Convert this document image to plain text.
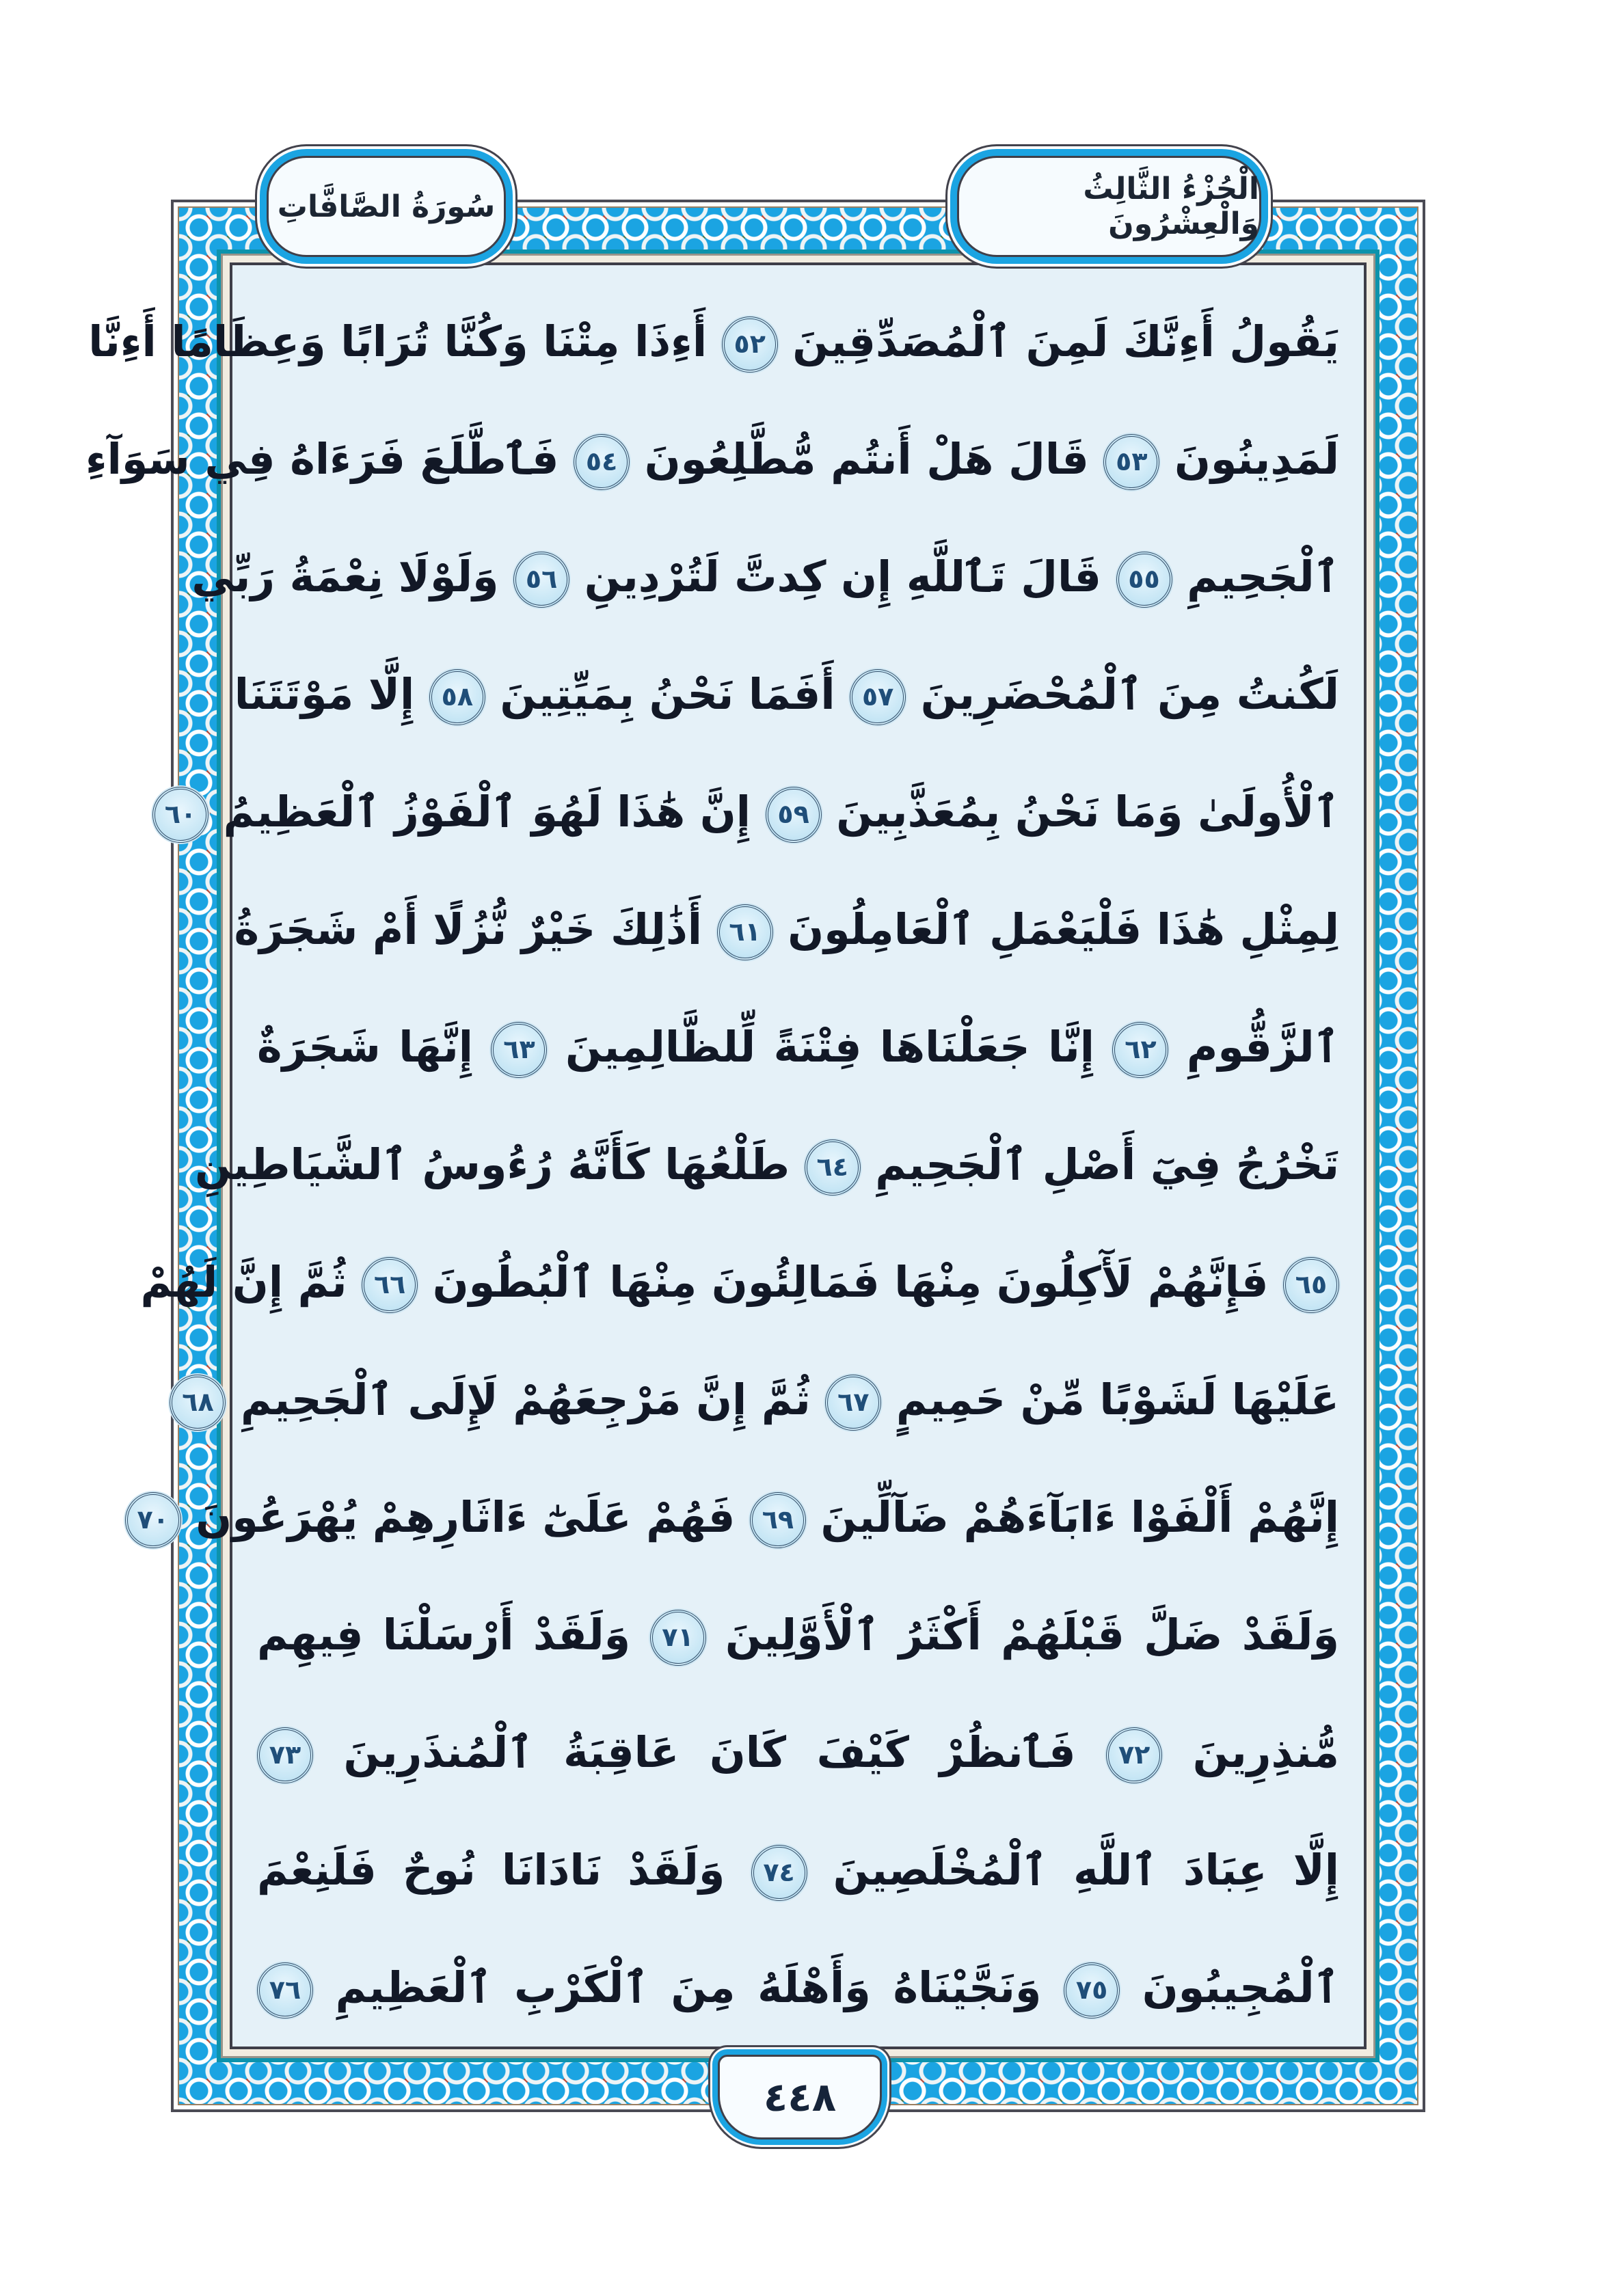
سُورَةُ الصَّافَّاتِ	الْجُزْءُ الثَّالِثُ وَالْعِشْرُونَ
يَقُولُ أَءِنَّكَ لَمِنَ ٱلْمُصَدِّقِينَ ٥٢ أَءِذَا مِتْنَا وَكُنَّا تُرَابًا وَعِظَامًا أَءِنَّا
لَمَدِينُونَ ٥٣ قَالَ هَلْ أَنتُم مُّطَّلِعُونَ ٥٤ فَٱطَّلَعَ فَرَءَاهُ فِي سَوَآءِ
ٱلْجَحِيمِ ٥٥ قَالَ تَٱللَّهِ إِن كِدتَّ لَتُرْدِينِ ٥٦ وَلَوْلَا نِعْمَةُ رَبِّي
لَكُنتُ مِنَ ٱلْمُحْضَرِينَ ٥٧ أَفَمَا نَحْنُ بِمَيِّتِينَ ٥٨ إِلَّا مَوْتَتَنَا
ٱلْأُولَىٰ وَمَا نَحْنُ بِمُعَذَّبِينَ ٥٩ إِنَّ هَٰذَا لَهُوَ ٱلْفَوْزُ ٱلْعَظِيمُ ٦٠
لِمِثْلِ هَٰذَا فَلْيَعْمَلِ ٱلْعَامِلُونَ ٦١ أَذَٰلِكَ خَيْرٌ نُّزُلًا أَمْ شَجَرَةُ
ٱلزَّقُّومِ ٦٢ إِنَّا جَعَلْنَاهَا فِتْنَةً لِّلظَّالِمِينَ ٦٣ إِنَّهَا شَجَرَةٌ
تَخْرُجُ فِيٓ أَصْلِ ٱلْجَحِيمِ ٦٤ طَلْعُهَا كَأَنَّهُ رُءُوسُ ٱلشَّيَاطِينِ
٦٥ فَإِنَّهُمْ لَأٓكِلُونَ مِنْهَا فَمَالِئُونَ مِنْهَا ٱلْبُطُونَ ٦٦ ثُمَّ إِنَّ لَهُمْ
عَلَيْهَا لَشَوْبًا مِّنْ حَمِيمٍ ٦٧ ثُمَّ إِنَّ مَرْجِعَهُمْ لَإِلَى ٱلْجَحِيمِ ٦٨
إِنَّهُمْ أَلْفَوْا ءَابَآءَهُمْ ضَآلِّينَ ٦٩ فَهُمْ عَلَىٰٓ ءَاثَارِهِمْ يُهْرَعُونَ ٧٠
وَلَقَدْ ضَلَّ قَبْلَهُمْ أَكْثَرُ ٱلْأَوَّلِينَ ٧١ وَلَقَدْ أَرْسَلْنَا فِيهِم
مُّنذِرِينَ ٧٢ فَٱنظُرْ كَيْفَ كَانَ عَاقِبَةُ ٱلْمُنذَرِينَ ٧٣
إِلَّا عِبَادَ ٱللَّهِ ٱلْمُخْلَصِينَ ٧٤ وَلَقَدْ نَادَانَا نُوحٌ فَلَنِعْمَ
ٱلْمُجِيبُونَ ٧٥ وَنَجَّيْنَاهُ وَأَهْلَهُ مِنَ ٱلْكَرْبِ ٱلْعَظِيمِ ٧٦
٤٤٨
